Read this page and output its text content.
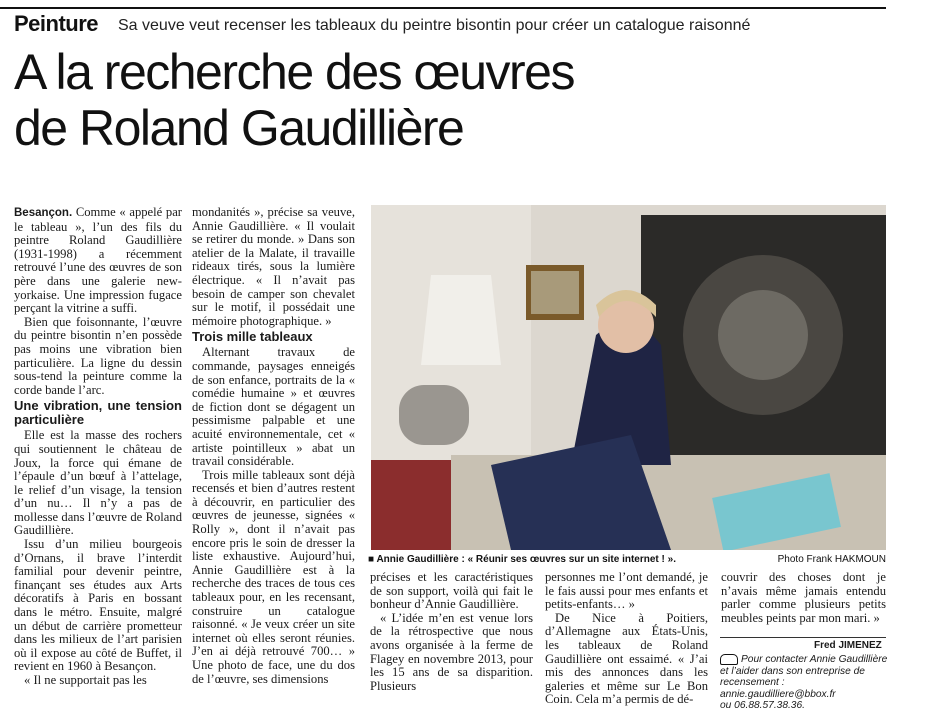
Peinture Sa veuve veut recenser les tableaux du peintre bisontin pour créer un catalogue raisonné
A la recherche des œuvres
de Roland Gaudillière

Besançon. Comme « appelé par le tableau », l’un des fils du peintre Roland Gaudillière (1931-1998) a récemment retrouvé l’une des œuvres de son père dans une galerie new-yorkaise. Une impression fugace perçant la vitrine a suffi.

Bien que foisonnante, l’œuvre du peintre bisontin n’en possède pas moins une vibration bien particulière. La ligne du dessin sous-tend la peinture comme la corde bande l’arc.

Une vibration, une tension particulière

Elle est la masse des rochers qui soutiennent le château de Joux, la force qui émane de l’épaule d’un bœuf à l’attelage, le relief d’un visage, la tension d’un nu… Il n’y a pas de mollesse dans l’œuvre de Roland Gaudillière.

Issu d’un milieu bourgeois d’Ornans, il brave l’interdit familial pour devenir peintre, finançant ses études aux Arts décoratifs à Paris en bossant dans le métro. Ensuite, malgré un début de carrière prometteur dans les milieux de l’art parisien où il expose au côté de Buffet, il revient en 1960 à Besançon.

« Il ne supportait pas les

mondanités », précise sa veuve, Annie Gaudillière. « Il voulait se retirer du monde. » Dans son atelier de la Malate, il travaille rideaux tirés, sous la lumière électrique. « Il n’avait pas besoin de camper son chevalet sur le motif, il possédait une mémoire photographique. »

Trois mille tableaux

Alternant travaux de commande, paysages enneigés de son enfance, portraits de la « comédie humaine » et œuvres de fiction dont se dégagent un pessimisme palpable et une acuité environnementale, cet « artiste pointilleux » abat un travail considérable.

Trois mille tableaux sont déjà recensés et bien d’autres restent à découvrir, en particulier des œuvres de jeunesse, signées « Rolly », dont il n’avait pas encore pris le soin de dresser la liste exhaustive. Aujourd’hui, Annie Gaudillière est à la recherche des traces de tous ces tableaux pour, en les recensant, construire un catalogue raisonné. « Je veux créer un site internet où elles seront réunies. J’en ai déjà retrouvé 700… » Une photo de face, une du dos de l’œuvre, ses dimensions

■ Annie Gaudillière : « Réunir ses œuvres sur un site internet ! ».	Photo Frank HAKMOUN

précises et les caractéristiques de son support, voilà qui fait le bonheur d’Annie Gaudillière.

« L’idée m’en est venue lors de la rétrospective que nous avons organisée à la ferme de Flagey en novembre 2013, pour les 15 ans de sa disparition. Plusieurs

personnes me l’ont demandé, je le fais aussi pour mes enfants et petits-enfants… »

De Nice à Poitiers, d’Allemagne aux États-Unis, les tableaux de Roland Gaudillière ont essaimé. « J’ai mis des annonces dans les galeries et même sur Le Bon Coin. Cela m’a permis de dé-

couvrir des choses dont je n’avais même jamais entendu parler comme plusieurs petits meubles peints par mon mari. »

Fred JIMENEZ
Pour contacter Annie Gaudillière et l’aider dans son entreprise de recensement :
annie.gaudilliere@bbox.fr
ou 06.88.57.38.36.
